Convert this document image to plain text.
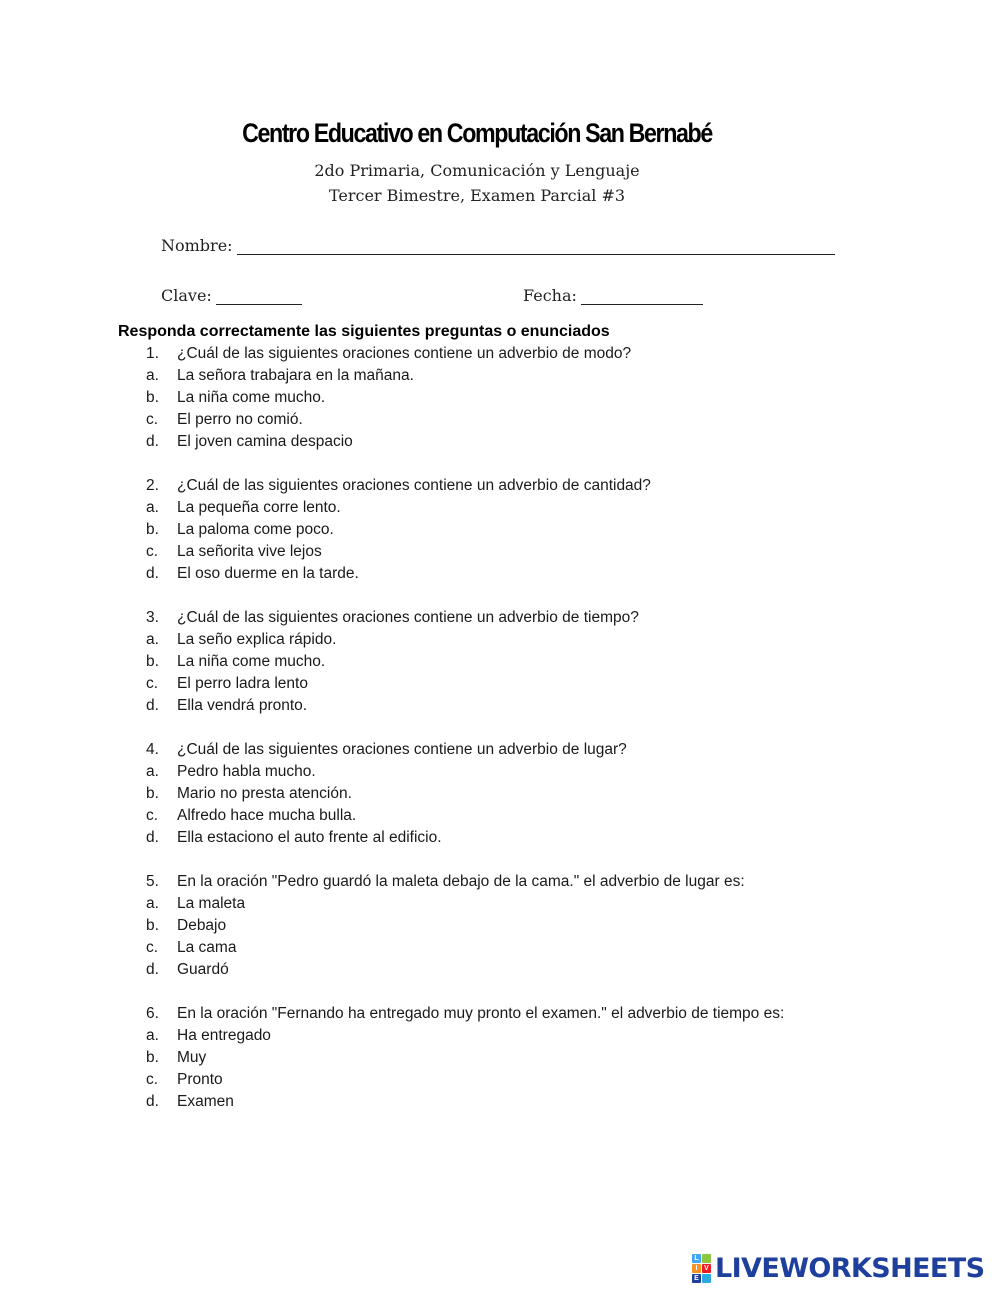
Centro Educativo en Computación San Bernabé
2do Primaria, Comunicación y Lenguaje
Tercer Bimestre, Examen Parcial #3
Nombre:
Clave:	Fecha:
Responda correctamente las siguientes preguntas o enunciados
1. ¿Cuál de las siguientes oraciones contiene un adverbio de modo?
a. La señora trabajara en la mañana.
b. La niña come mucho.
c. El perro no comió.
d. El joven camina despacio
2. ¿Cuál de las siguientes oraciones contiene un adverbio de cantidad?
a. La pequeña corre lento.
b. La paloma come poco.
c. La señorita vive lejos
d. El oso duerme en la tarde.
3. ¿Cuál de las siguientes oraciones contiene un adverbio de tiempo?
a. La seño explica rápido.
b. La niña come mucho.
c. El perro ladra lento
d. Ella vendrá pronto.
4. ¿Cuál de las siguientes oraciones contiene un adverbio de lugar?
a. Pedro habla mucho.
b. Mario no presta atención.
c. Alfredo hace mucha bulla.
d. Ella estaciono el auto frente al edificio.
5. En la oración "Pedro guardó la maleta debajo de la cama." el adverbio de lugar es:
a. La maleta
b. Debajo
c. La cama
d. Guardó
6. En la oración "Fernando ha entregado muy pronto el examen." el adverbio de tiempo es:
a. Ha entregado
b. Muy
c. Pronto
d. Examen
L
I V
E LIVEWORKSHEETS
